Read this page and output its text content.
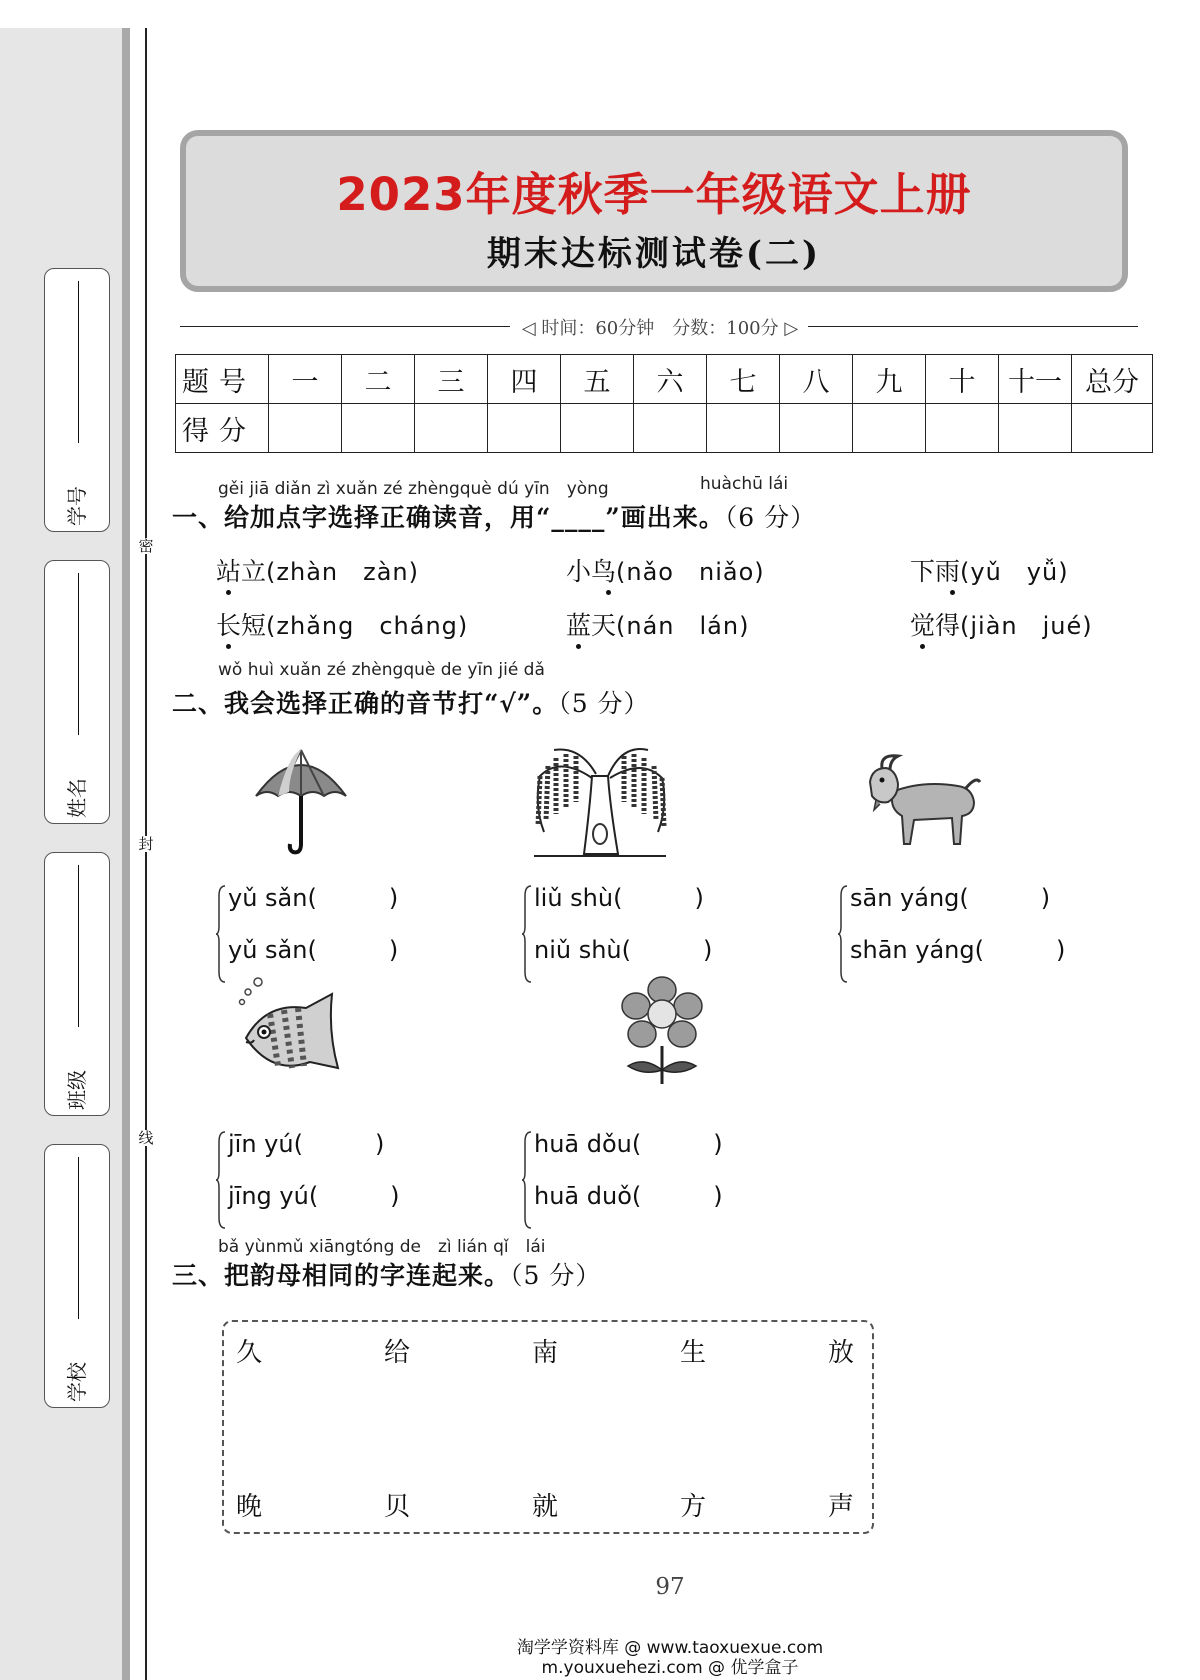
密
封
线
学号
姓名
班级
学校
2023年度秋季一年级语文上册
期末达标测试卷(二)
◁ 时间：60分钟　分数：100分 ▷
题号	一	二	三	四	五	六	七	八	九	十	十一	总分
得分												
gěi jiā diǎn zì xuǎn zé zhèngquè dú yīn　yòng	huàchū lái
一、给加点字选择正确读音，用“____”画出来。（6 分）
站立(zhàn　zàn)	小鸟(nǎo　niǎo)	下雨(yǔ　yǚ)
长短(zhǎng　cháng)	蓝天(nán　lán)	觉得(jiàn　jué)
wǒ huì xuǎn zé zhèngquè de yīn jié dǎ
二、我会选择正确的音节打“√”。（5 分）
yǔ sǎn(　　　)
yǔ sǎn(　　　)
liǔ shù(　　　)
niǔ shù(　　　)
sān yáng(　　　)
shān yáng(　　　)
jīn yú(　　　)
jīng yú(　　　)
huā dǒu(　　　)
huā duǒ(　　　)
bǎ yùnmǔ xiāngtóng de　zì lián qǐ　lái
三、把韵母相同的字连起来。（5 分）
久	给	南	生	放
晚	贝	就	方	声
97
淘学学资料库 @ www.taoxuexue.com
m.youxuehezi.com @ 优学盒子
